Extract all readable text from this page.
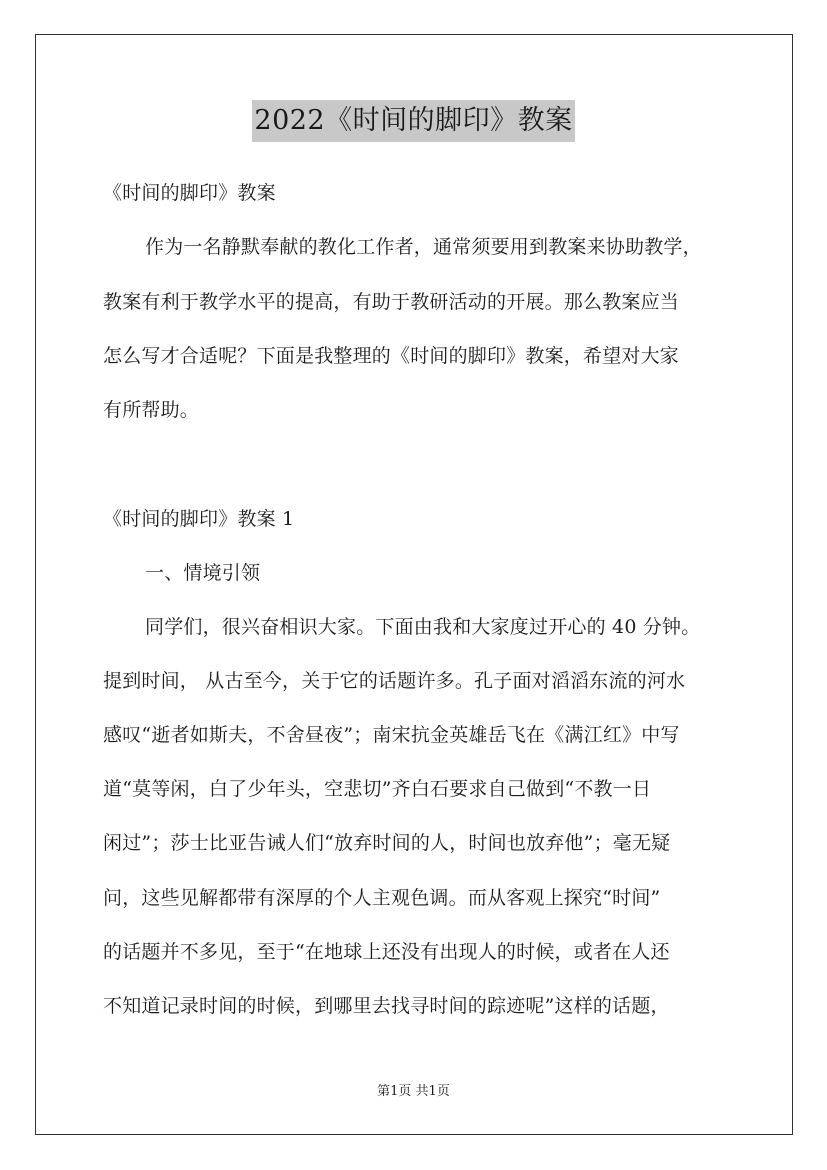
2022《时间的脚印》教案
《时间的脚印》教案
作为一名静默奉献的教化工作者，通常须要用到教案来协助教学，
教案有利于教学水平的提高，有助于教研活动的开展。那么教案应当
怎么写才合适呢？下面是我整理的《时间的脚印》教案，希望对大家
有所帮助。
《时间的脚印》教案 1
一、情境引领
同学们，很兴奋相识大家。下面由我和大家度过开心的 40 分钟。
提到时间， 从古至今，关于它的话题许多。孔子面对滔滔东流的河水
感叹“逝者如斯夫，不舍昼夜”；南宋抗金英雄岳飞在《满江红》中写
道“莫等闲，白了少年头，空悲切”齐白石要求自己做到“不教一日
闲过”；莎士比亚告诫人们“放弃时间的人，时间也放弃他”；毫无疑
问，这些见解都带有深厚的个人主观色调。而从客观上探究“时间”
的话题并不多见，至于“在地球上还没有出现人的时候，或者在人还
不知道记录时间的时候，到哪里去找寻时间的踪迹呢”这样的话题，
第1页 共1页
